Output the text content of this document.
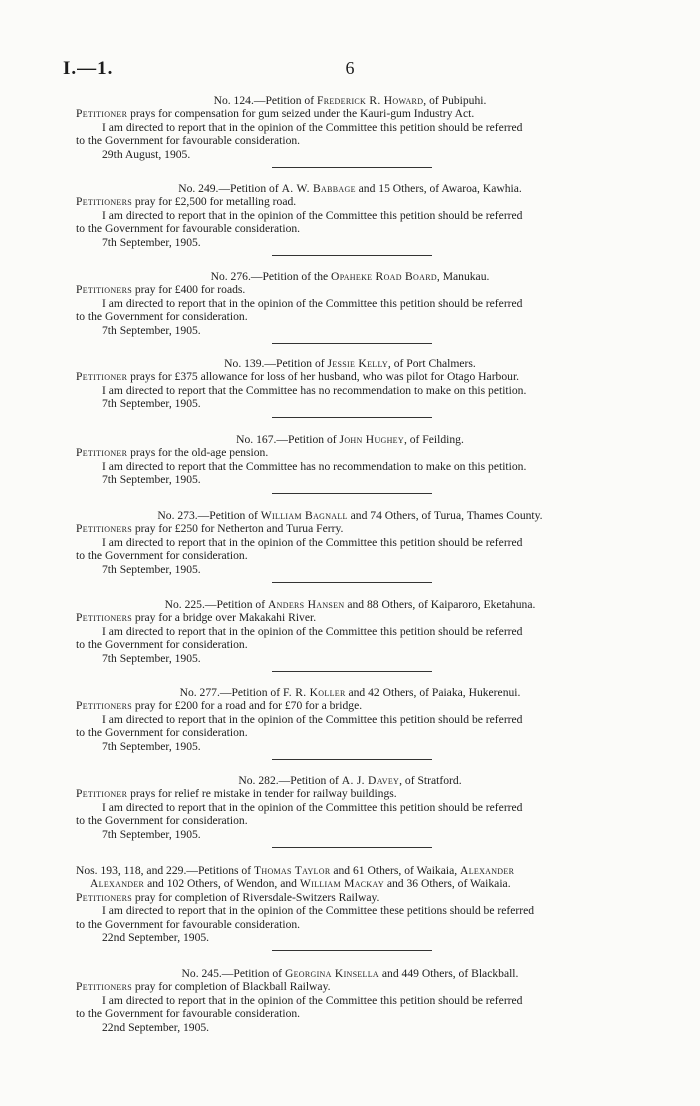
I.—1.	6
No. 124.—Petition of Frederick R. Howard, of Pubipuhi.
Petitioner prays for compensation for gum seized under the Kauri-gum Industry Act.
I am directed to report that in the opinion of the Committee this petition should be referred
to the Government for favourable consideration.
29th August, 1905.
No. 249.—Petition of A. W. Babbage and 15 Others, of Awaroa, Kawhia.
Petitioners pray for £2,500 for metalling road.
I am directed to report that in the opinion of the Committee this petition should be referred
to the Government for favourable consideration.
7th September, 1905.
No. 276.—Petition of the Opaheke Road Board, Manukau.
Petitioners pray for £400 for roads.
I am directed to report that in the opinion of the Committee this petition should be referred
to the Government for consideration.
7th September, 1905.
No. 139.—Petition of Jessie Kelly, of Port Chalmers.
Petitioner prays for £375 allowance for loss of her husband, who was pilot for Otago Harbour.
I am directed to report that the Committee has no recommendation to make on this petition.
7th September, 1905.
No. 167.—Petition of John Hughey, of Feilding.
Petitioner prays for the old-age pension.
I am directed to report that the Committee has no recommendation to make on this petition.
7th September, 1905.
No. 273.—Petition of William Bagnall and 74 Others, of Turua, Thames County.
Petitioners pray for £250 for Netherton and Turua Ferry.
I am directed to report that in the opinion of the Committee this petition should be referred
to the Government for consideration.
7th September, 1905.
No. 225.—Petition of Anders Hansen and 88 Others, of Kaiparoro, Eketahuna.
Petitioners pray for a bridge over Makakahi River.
I am directed to report that in the opinion of the Committee this petition should be referred
to the Government for consideration.
7th September, 1905.
No. 277.—Petition of F. R. Koller and 42 Others, of Paiaka, Hukerenui.
Petitioners pray for £200 for a road and for £70 for a bridge.
I am directed to report that in the opinion of the Committee this petition should be referred
to the Government for consideration.
7th September, 1905.
No. 282.—Petition of A. J. Davey, of Stratford.
Petitioner prays for relief re mistake in tender for railway buildings.
I am directed to report that in the opinion of the Committee this petition should be referred
to the Government for consideration.
7th September, 1905.
Nos. 193, 118, and 229.—Petitions of Thomas Taylor and 61 Others, of Waikaia, Alexander
Alexander and 102 Others, of Wendon, and William Mackay and 36 Others, of Waikaia.
Petitioners pray for completion of Riversdale-Switzers Railway.
I am directed to report that in the opinion of the Committee these petitions should be referred
to the Government for favourable consideration.
22nd September, 1905.
No. 245.—Petition of Georgina Kinsella and 449 Others, of Blackball.
Petitioners pray for completion of Blackball Railway.
I am directed to report that in the opinion of the Committee this petition should be referred
to the Government for favourable consideration.
22nd September, 1905.
